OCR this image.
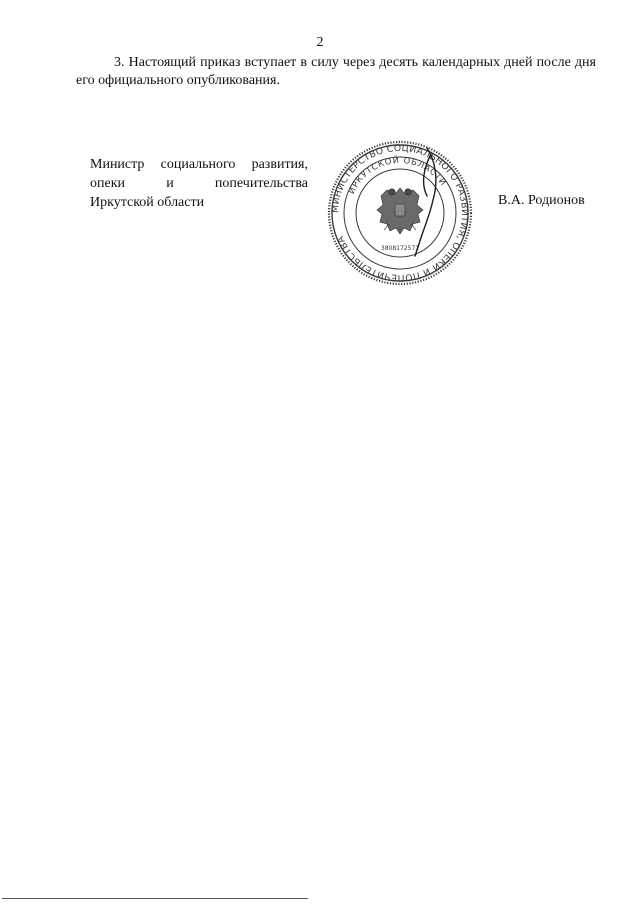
2

3. Настоящий приказ вступает в силу через десять календарных дней после дня его официального опубликования.

Министр социального развития,
опеки и попечительства
Иркутской области	МИНИСТЕРСТВО СОЦИАЛЬНОГО РАЗВИТИЯ, ОПЕКИ И ПОПЕЧИТЕЛЬСТВА
ИРКУТСКОЙ ОБЛАСТИ
3808172571
В.А. Родионов
